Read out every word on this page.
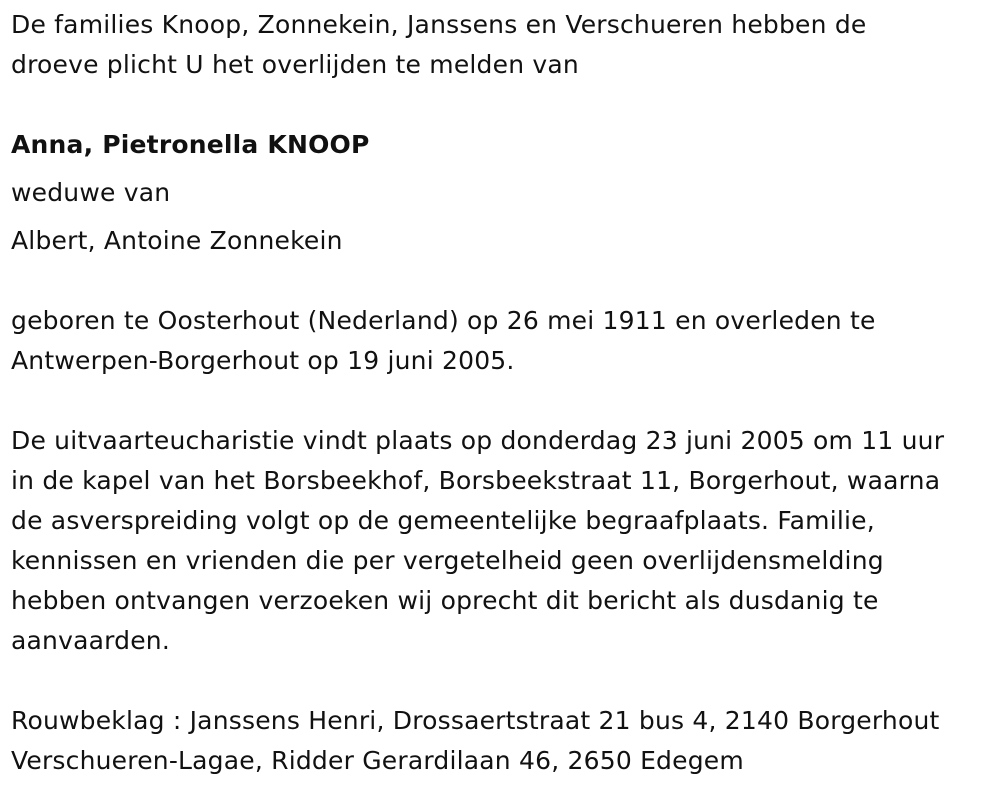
De families Knoop, Zonnekein, Janssens en Verschueren hebben de
droeve plicht U het overlijden te melden van
Anna, Pietronella KNOOP
weduwe van
Albert, Antoine Zonnekein
geboren te Oosterhout (Nederland) op 26 mei 1911 en overleden te
Antwerpen-Borgerhout op 19 juni 2005.
De uitvaarteucharistie vindt plaats op donderdag 23 juni 2005 om 11 uur
in de kapel van het Borsbeekhof, Borsbeekstraat 11, Borgerhout, waarna
de asverspreiding volgt op de gemeentelijke begraafplaats. Familie,
kennissen en vrienden die per vergetelheid geen overlijdensmelding
hebben ontvangen verzoeken wij oprecht dit bericht als dusdanig te
aanvaarden.
Rouwbeklag : Janssens Henri, Drossaertstraat 21 bus 4, 2140 Borgerhout
Verschueren-Lagae, Ridder Gerardilaan 46, 2650 Edegem
